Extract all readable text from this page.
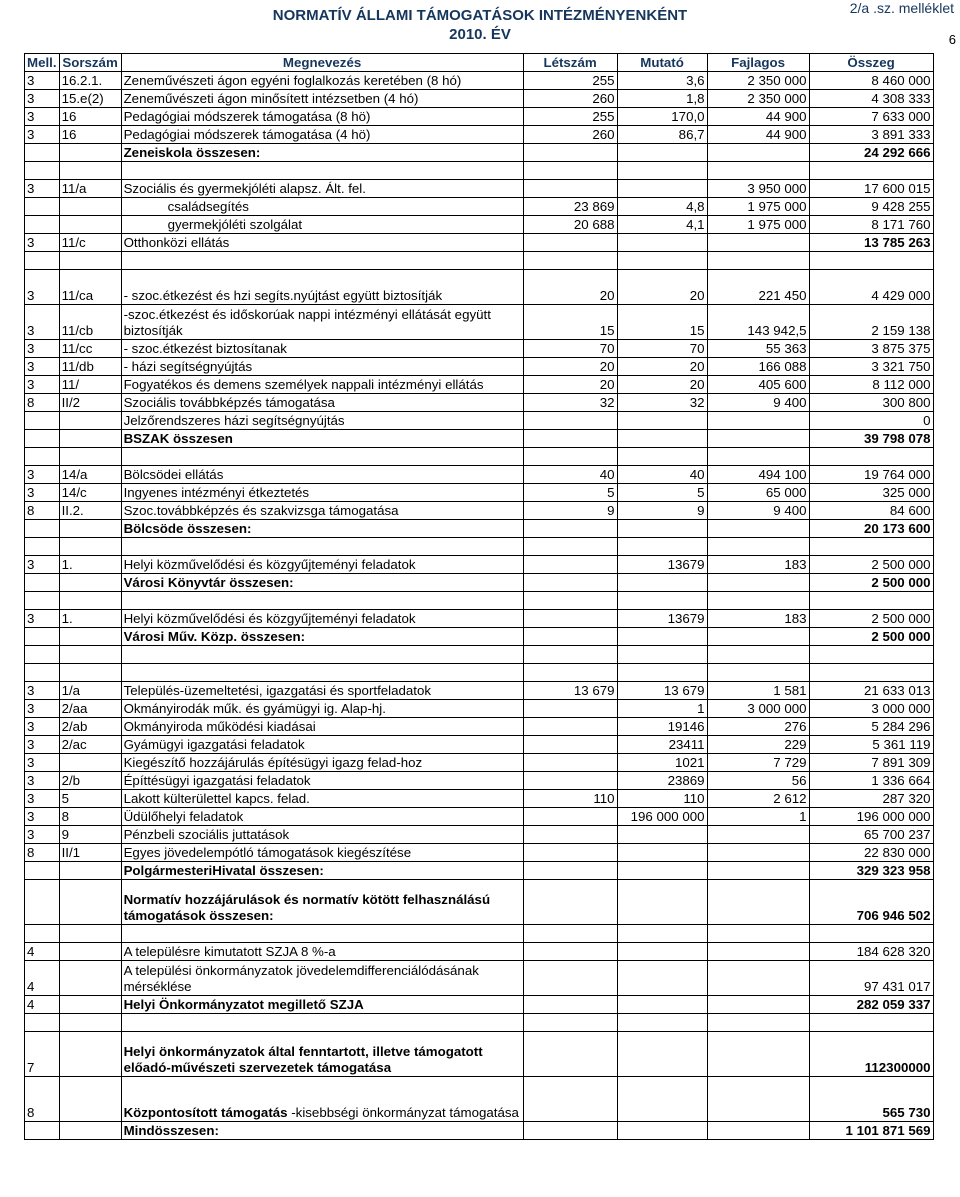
NORMATÍV ÁLLAMI TÁMOGATÁSOK INTÉZMÉNYENKÉNT
2010. ÉV
2/a .sz. melléklet
6
Mell.	Sorszám	Megnevezés	Létszám	Mutató	Fajlagos	Összeg
3	16.2.1.	Zeneművészeti ágon egyéni foglalkozás keretében (8 hó)	255	3,6	2 350 000	8 460 000
3	15.e(2)	Zeneművészeti ágon minősített intézsetben (4 hó)	260	1,8	2 350 000	4 308 333
3	16	Pedagógiai módszerek támogatása (8 hö)	255	170,0	44 900	7 633 000
3	16	Pedagógiai módszerek támogatása (4 hö)	260	86,7	44 900	3 891 333
		Zeneiskola összesen:				24 292 666

3	11/a	Szociális és gyermekjóléti alapsz. Ált. fel.			3 950 000	17 600 015
		családsegítés	23 869	4,8	1 975 000	9 428 255
		gyermekjóléti szolgálat	20 688	4,1	1 975 000	8 171 760
3	11/c	Otthonközi ellátás				13 785 263

3	11/ca	- szoc.étkezést és hzi segíts.nyújtást együtt biztosítják	20	20	221 450	4 429 000
3	11/cb	-szoc.étkezést és időskorúak nappi intézményi ellátását együtt biztosítják	15	15	143 942,5	2 159 138
3	11/cc	- szoc.étkezést biztosítanak	70	70	55 363	3 875 375
3	11/db	- házi segítségnyújtás	20	20	166 088	3 321 750
3	11/	Fogyatékos és demens személyek nappali intézményi ellátás	20	20	405 600	8 112 000
8	II/2	Szociális továbbképzés támogatása	32	32	9 400	300 800
		Jelzőrendszeres házi segítségnyújtás				0
		BSZAK összesen				39 798 078

3	14/a	Bölcsödei ellátás	40	40	494 100	19 764 000
3	14/c	Ingyenes intézményi étkeztetés	5	5	65 000	325 000
8	II.2.	Szoc.továbbképzés és szakvizsga támogatása	9	9	9 400	84 600
		Bölcsöde összesen:				20 173 600

3	1.	Helyi közművelődési és közgyűjteményi feladatok		13679	183	2 500 000
		Városi Könyvtár összesen:				2 500 000

3	1.	Helyi közművelődési és közgyűjteményi feladatok		13679	183	2 500 000
		Városi Műv. Közp. összesen:				2 500 000

3	1/a	Település-üzemeltetési, igazgatási és sportfeladatok	13 679	13 679	1 581	21 633 013
3	2/aa	Okmányirodák műk. és gyámügyi ig. Alap-hj.		1	3 000 000	3 000 000
3	2/ab	Okmányiroda működési kiadásai		19146	276	5 284 296
3	2/ac	Gyámügyi igazgatási feladatok		23411	229	5 361 119
3		Kiegészítő hozzájárulás építésügyi igazg felad-hoz		1021	7 729	7 891 309
3	2/b	Építtésügyi igazgatási feladatok		23869	56	1 336 664
3	5	Lakott külterülettel kapcs. felad.	110	110	2 612	287 320
3	8	Üdülőhelyi feladatok		196 000 000	1	196 000 000
3	9	Pénzbeli szociális juttatások				65 700 237
8	II/1	Egyes jövedelempótló támogatások kiegészítése				22 830 000
		PolgármesteriHivatal összesen:				329 323 958
		Normatív hozzájárulások és normatív kötött felhasználású támogatások összesen:				706 946 502

4		A településre kimutatott SZJA 8 %-a				184 628 320
4		A települési önkormányzatok jövedelemdifferenciálódásának mérséklése				97 431 017
4		Helyi Önkormányzatot megillető SZJA				282 059 337

7		Helyi önkormányzatok által fenntartott, illetve támogatott előadó-művészeti szervezetek támogatása				112300000
8		Központosított támogatás -kisebbségi önkormányzat támogatása				565 730
		Mindösszesen:				1 101 871 569
